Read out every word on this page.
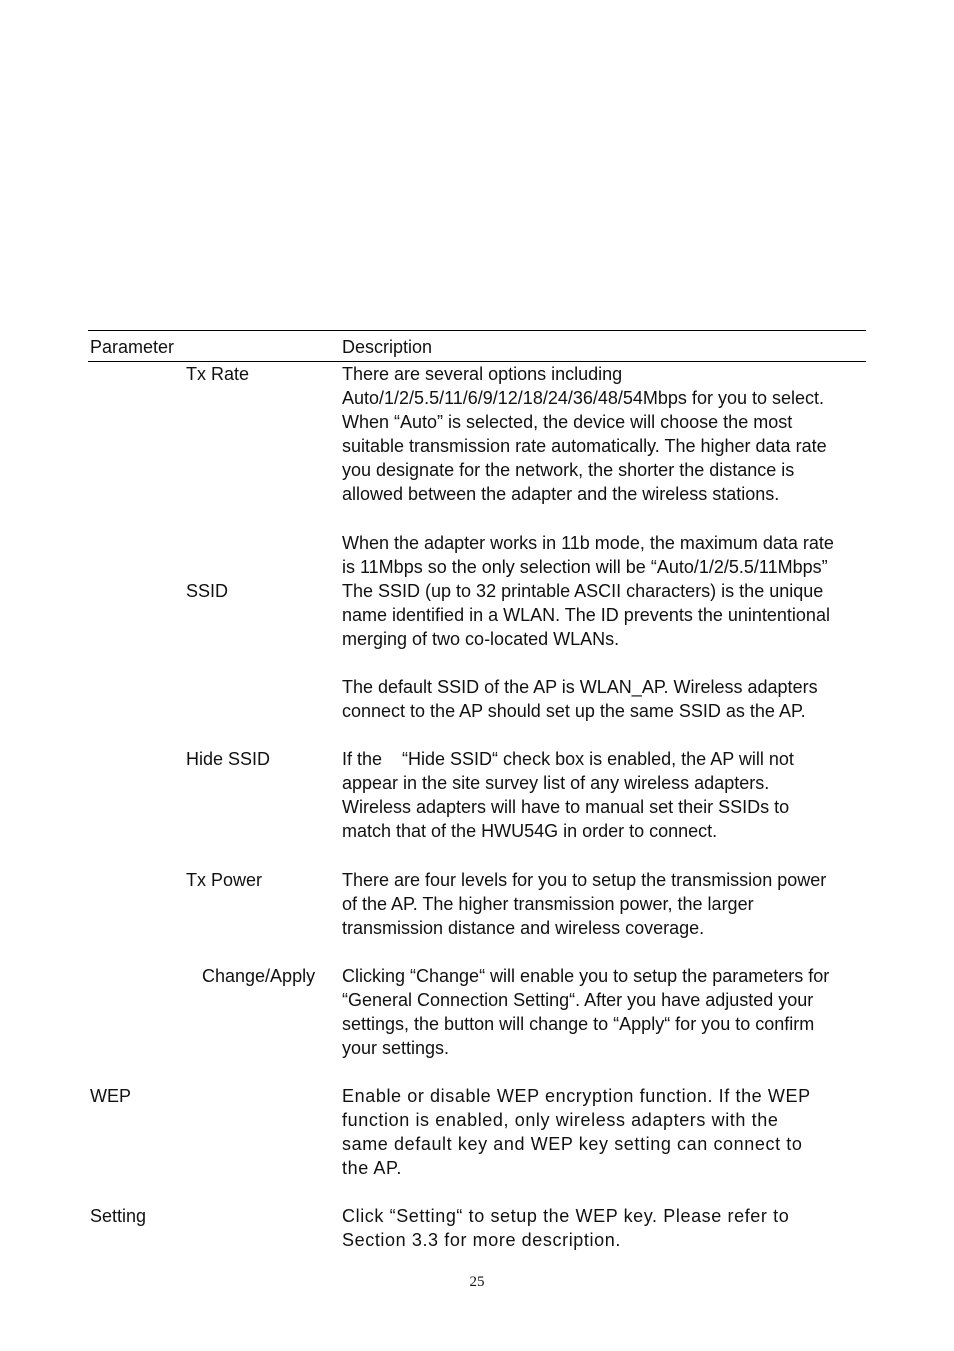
Parameter	Description
Tx Rate	There are several options including

Auto/1/2/5.5/11/6/9/12/18/24/36/48/54Mbps for you to select.

When “Auto” is selected, the device will choose the most

suitable transmission rate automatically. The higher data rate

you designate for the network, the shorter the distance is

allowed between the adapter and the wireless stations.

When the adapter works in 11b mode, the maximum data rate

is 11Mbps so the only selection will be “Auto/1/2/5.5/11Mbps”

SSID	The SSID (up to 32 printable ASCII characters) is the unique

name identified in a WLAN. The ID prevents the unintentional

merging of two co-located WLANs.

The default SSID of the AP is WLAN_AP. Wireless adapters

connect to the AP should set up the same SSID as the AP.

Hide SSID	If the    “Hide SSID“ check box is enabled, the AP will not

appear in the site survey list of any wireless adapters.

Wireless adapters will have to manual set their SSIDs to

match that of the HWU54G in order to connect.

Tx Power	There are four levels for you to setup the transmission power

of the AP. The higher transmission power, the larger

transmission distance and wireless coverage.

Change/Apply Clicking “Change“ will enable you to setup the parameters for

“General Connection Setting“. After you have adjusted your

settings, the button will change to “Apply“ for you to confirm

your settings.

WEP	Enable or disable WEP encryption function. If the WEP

function is enabled, only wireless adapters with the

same default key and WEP key setting can connect to

the AP.

Setting	Click “Setting“ to setup the WEP key. Please refer to

Section 3.3 for more description.

25
